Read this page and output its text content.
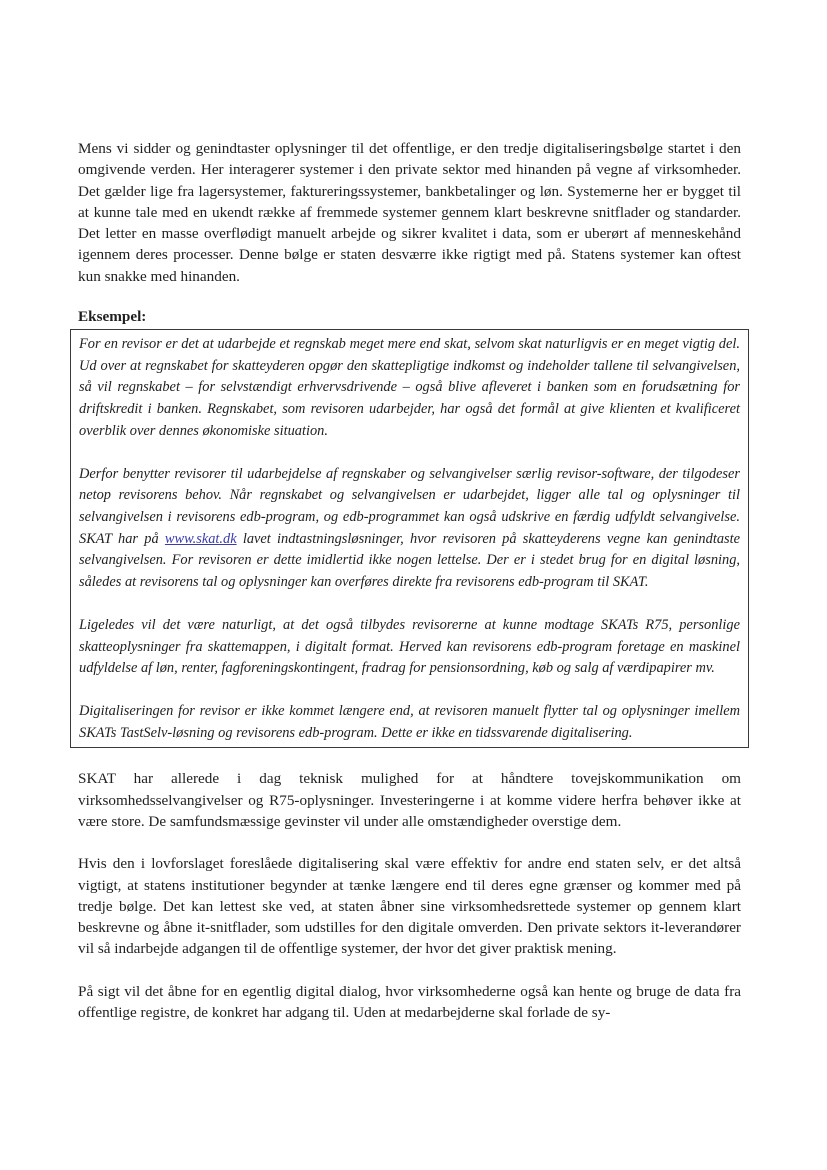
Mens vi sidder og genindtaster oplysninger til det offentlige, er den tredje digitaliseringsbølge startet i den omgivende verden. Her interagerer systemer i den private sektor med hinanden på vegne af virksomheder. Det gælder lige fra lagersystemer, faktureringssystemer, bankbetalinger og løn. Systemerne her er bygget til at kunne tale med en ukendt række af fremmede systemer gennem klart beskrevne snitflader og standarder. Det letter en masse overflødigt manuelt arbejde og sikrer kvalitet i data, som er uberørt af menneskehånd igennem deres processer. Denne bølge er staten desværre ikke rigtigt med på. Statens systemer kan oftest kun snakke med hinanden.

Eksempel:

For en revisor er det at udarbejde et regnskab meget mere end skat, selvom skat naturligvis er en meget vigtig del. Ud over at regnskabet for skatteyderen opgør den skattepligtige indkomst og indeholder tallene til selvangivelsen, så vil regnskabet – for selvstændigt erhvervsdrivende – også blive afleveret i banken som en forudsætning for driftskredit i banken. Regnskabet, som revisoren udarbejder, har også det formål at give klienten et kvalificeret overblik over dennes økonomiske situation.

Derfor benytter revisorer til udarbejdelse af regnskaber og selvangivelser særlig revisor-software, der tilgodeser netop revisorens behov. Når regnskabet og selvangivelsen er udarbejdet, ligger alle tal og oplysninger til selvangivelsen i revisorens edb-program, og edb-programmet kan også udskrive en færdig udfyldt selvangivelse. SKAT har på www.skat.dk lavet indtastningsløsninger, hvor revisoren på skatteyderens vegne kan genindtaste selvangivelsen. For revisoren er dette imidlertid ikke nogen lettelse. Der er i stedet brug for en digital løsning, således at revisorens tal og oplysninger kan overføres direkte fra revisorens edb-program til SKAT.

Ligeledes vil det være naturligt, at det også tilbydes revisorerne at kunne modtage SKATs R75, personlige skatteoplysninger fra skattemappen, i digitalt format. Herved kan revisorens edb-program foretage en maskinel udfyldelse af løn, renter, fagforeningskontingent, fradrag for pensionsordning, køb og salg af værdipapirer mv.

Digitaliseringen for revisor er ikke kommet længere end, at revisoren manuelt flytter tal og oplysninger imellem SKATs TastSelv-løsning og revisorens edb-program. Dette er ikke en tidssvarende digitalisering.

SKAT har allerede i dag teknisk mulighed for at håndtere tovejskommunikation om virksomhedsselvangivelser og R75-oplysninger. Investeringerne i at komme videre herfra behøver ikke at være store. De samfundsmæssige gevinster vil under alle omstændigheder overstige dem.

Hvis den i lovforslaget foreslåede digitalisering skal være effektiv for andre end staten selv, er det altså vigtigt, at statens institutioner begynder at tænke længere end til deres egne grænser og kommer med på tredje bølge. Det kan lettest ske ved, at staten åbner sine virksomhedsrettede systemer op gennem klart beskrevne og åbne it-snitflader, som udstilles for den digitale omverden. Den private sektors it-leverandører vil så indarbejde adgangen til de offentlige systemer, der hvor det giver praktisk mening.

På sigt vil det åbne for en egentlig digital dialog, hvor virksomhederne også kan hente og bruge de data fra offentlige registre, de konkret har adgang til. Uden at medarbejderne skal forlade de sy-
